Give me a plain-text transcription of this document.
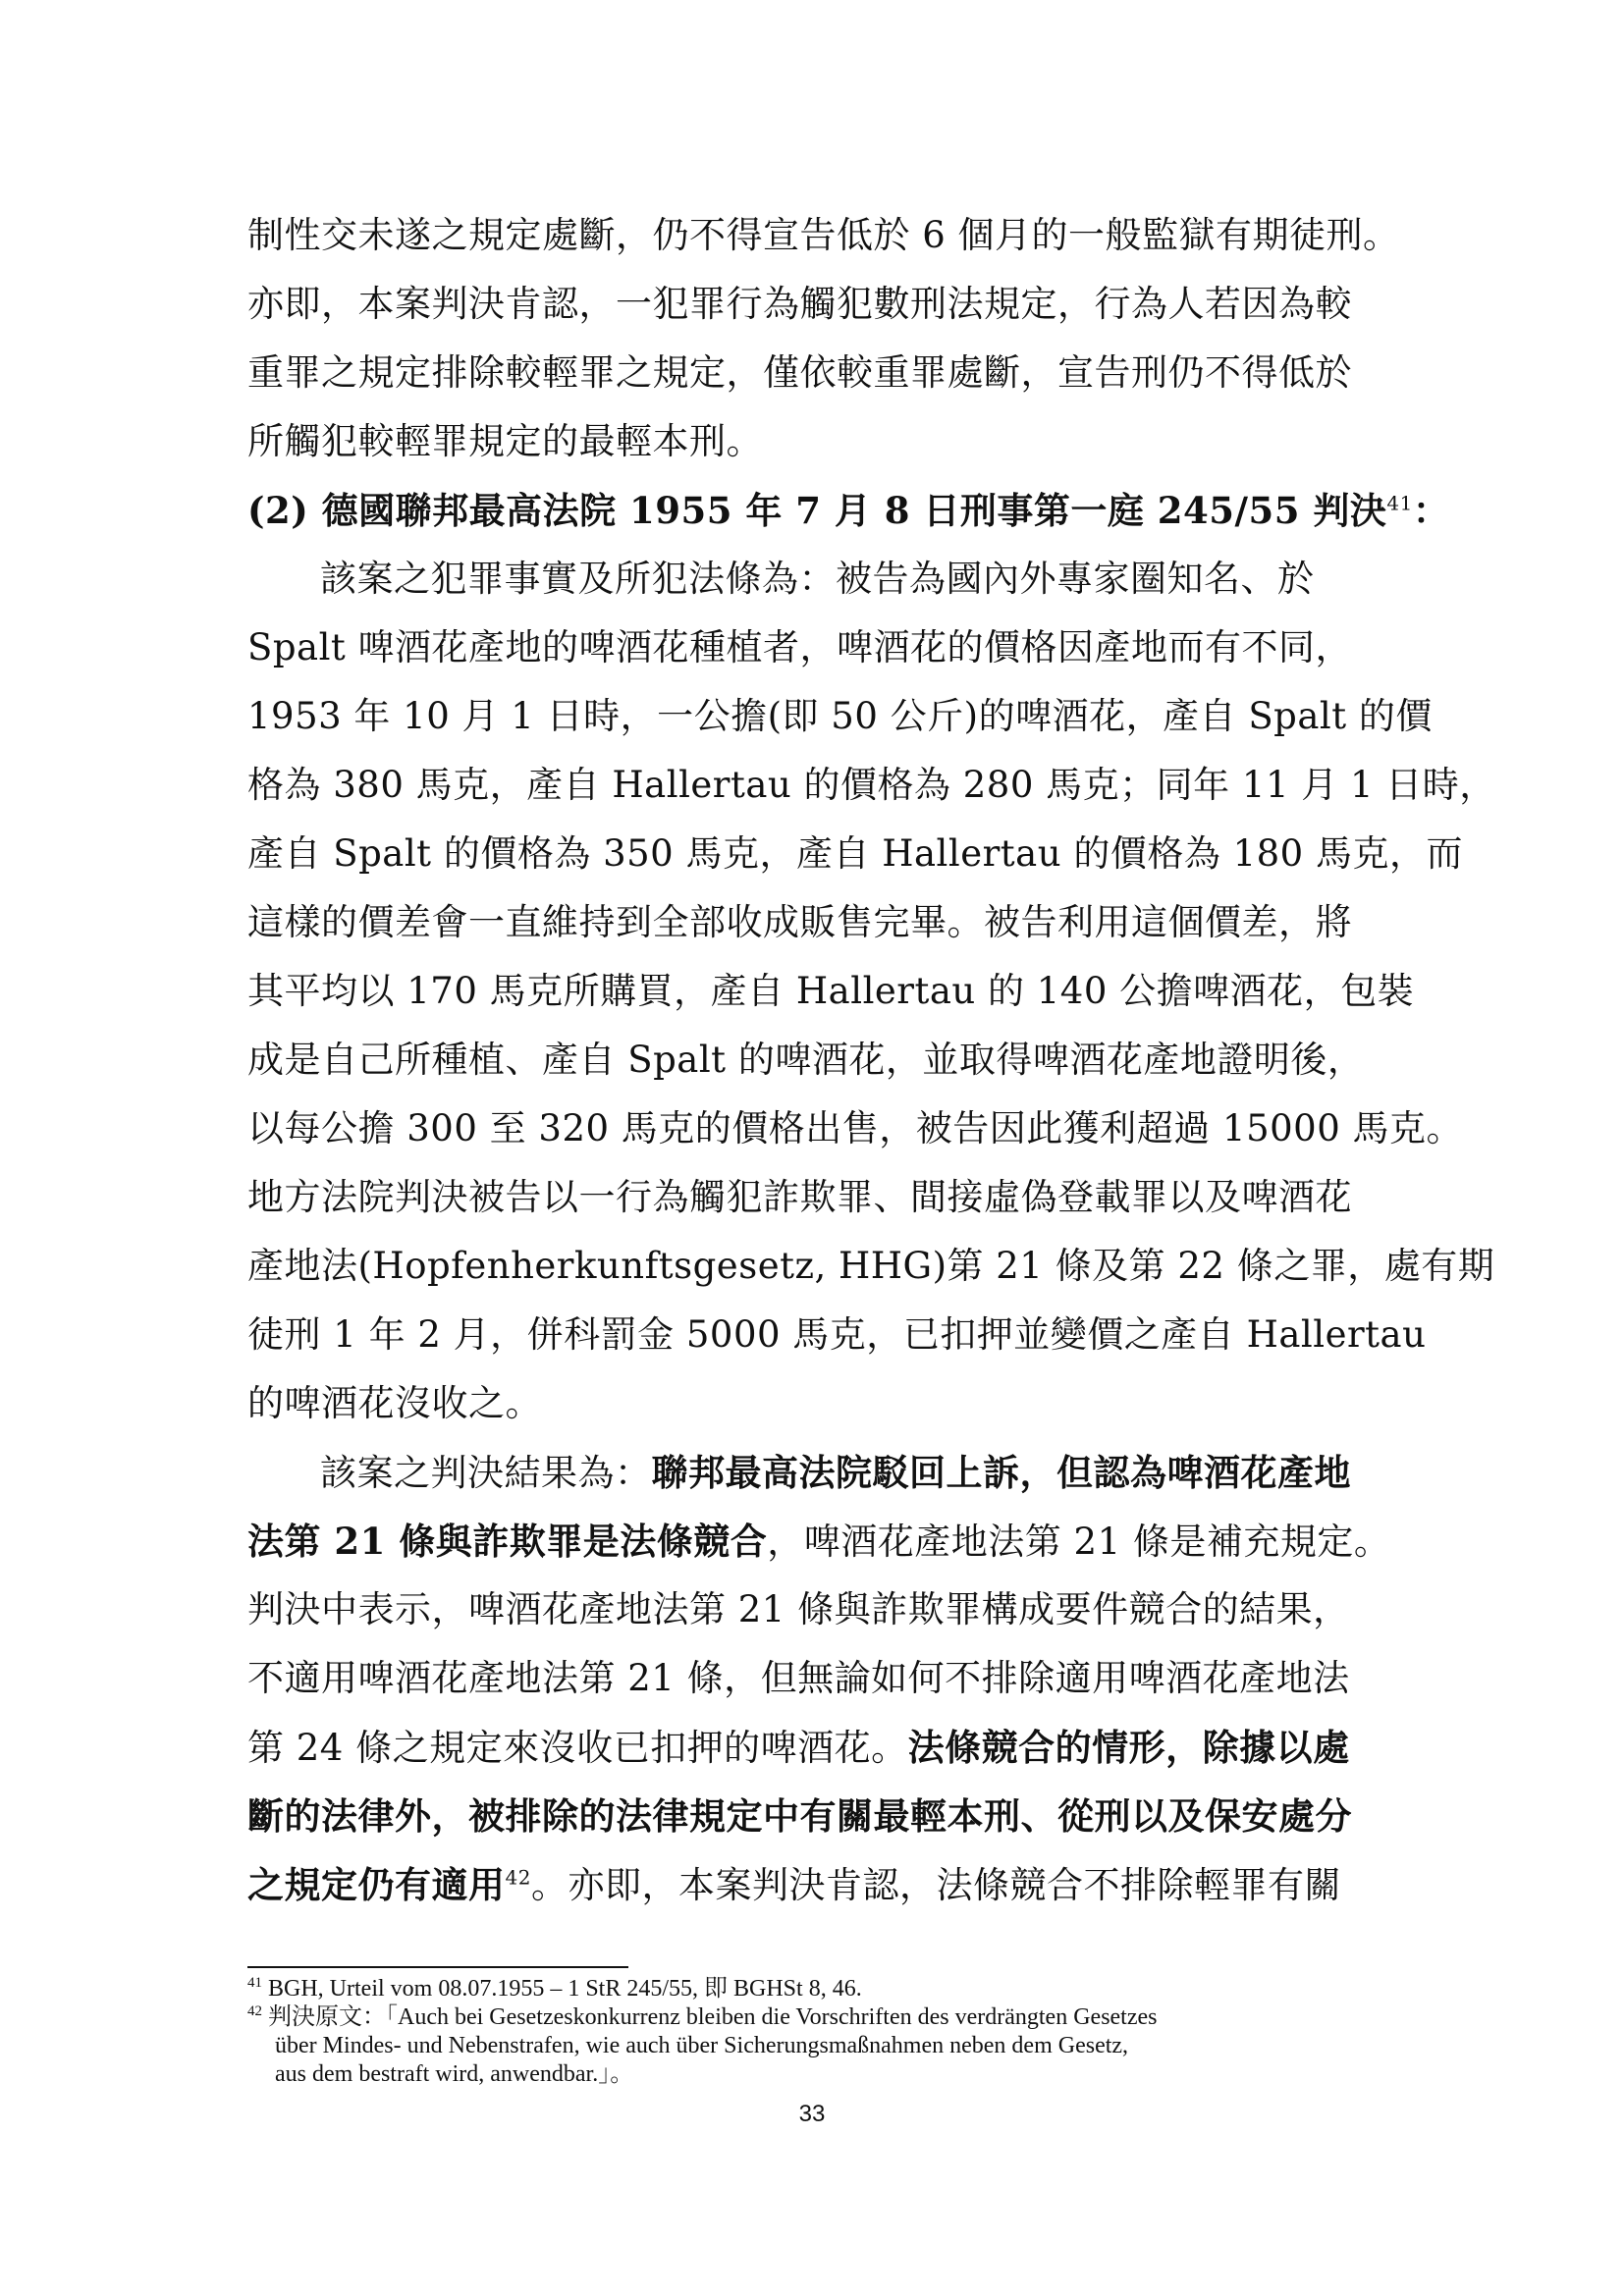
制性交未遂之規定處斷，仍不得宣告低於 6 個月的一般監獄有期徒刑。
亦即，本案判決肯認，一犯罪行為觸犯數刑法規定，行為人若因為較
重罪之規定排除較輕罪之規定，僅依較重罪處斷，宣告刑仍不得低於
所觸犯較輕罪規定的最輕本刑。
(2) 德國聯邦最高法院 1955 年 7 月 8 日刑事第一庭 245/55 判決$^{41}$：
該案之犯罪事實及所犯法條為：被告為國內外專家圈知名、於
Spalt 啤酒花產地的啤酒花種植者，啤酒花的價格因產地而有不同，
1953 年 10 月 1 日時，一公擔(即 50 公斤)的啤酒花，產自 Spalt 的價
格為 380 馬克，產自 Hallertau 的價格為 280 馬克；同年 11 月 1 日時，
產自 Spalt 的價格為 350 馬克，產自 Hallertau 的價格為 180 馬克，而
這樣的價差會一直維持到全部收成販售完畢。被告利用這個價差，將
其平均以 170 馬克所購買，產自 Hallertau 的 140 公擔啤酒花，包裝
成是自己所種植、產自 Spalt 的啤酒花，並取得啤酒花產地證明後，
以每公擔 300 至 320 馬克的價格出售，被告因此獲利超過 15000 馬克。
地方法院判決被告以一行為觸犯詐欺罪、間接虛偽登載罪以及啤酒花
產地法(Hopfenherkunftsgesetz, HHG)第 21 條及第 22 條之罪，處有期
徒刑 1 年 2 月，併科罰金 5000 馬克，已扣押並變價之產自 Hallertau
的啤酒花沒收之。
該案之判決結果為：聯邦最高法院駁回上訴，但認為啤酒花產地
法第 21 條與詐欺罪是法條競合，啤酒花產地法第 21 條是補充規定。
判決中表示，啤酒花產地法第 21 條與詐欺罪構成要件競合的結果，
不適用啤酒花產地法第 21 條，但無論如何不排除適用啤酒花產地法
第 24 條之規定來沒收已扣押的啤酒花。法條競合的情形，除據以處
斷的法律外，被排除的法律規定中有關最輕本刑、從刑以及保安處分
之規定仍有適用$^{42}$。亦即，本案判決肯認，法條競合不排除輕罪有關
$^{41}$ BGH, Urteil vom 08.07.1955 – 1 StR 245/55, 即 BGHSt 8, 46.
$^{42}$ 判決原文：「Auch bei Gesetzeskonkurrenz bleiben die Vorschriften des verdrängten Gesetzes
über Mindes- und Nebenstrafen, wie auch über Sicherungsmaßnahmen neben dem Gesetz,
aus dem bestraft wird, anwendbar.」。
33
